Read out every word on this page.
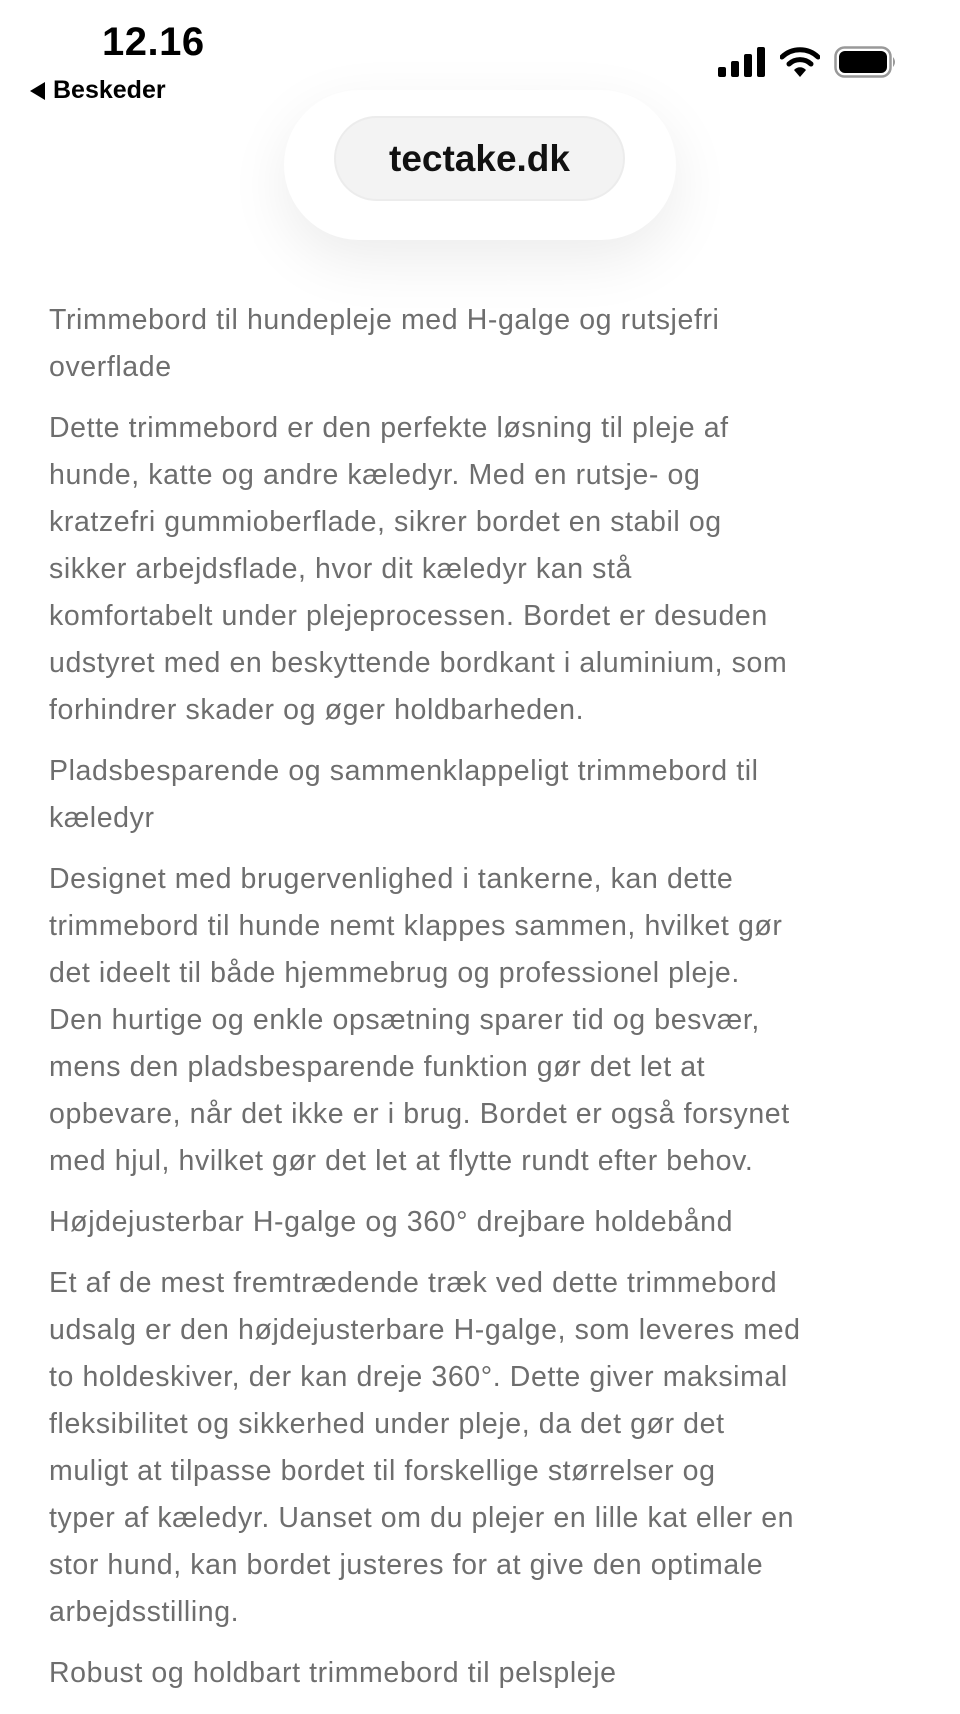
12.16
Beskeder
tectake.dk
Trimmebord til hundepleje med H-galge og rutsjefri
overflade
Dette trimmebord er den perfekte løsning til pleje af
hunde, katte og andre kæledyr. Med en rutsje- og
kratzefri gummioberflade, sikrer bordet en stabil og
sikker arbejdsflade, hvor dit kæledyr kan stå
komfortabelt under plejeprocessen. Bordet er desuden
udstyret med en beskyttende bordkant i aluminium, som
forhindrer skader og øger holdbarheden.
Pladsbesparende og sammenklappeligt trimmebord til
kæledyr
Designet med brugervenlighed i tankerne, kan dette
trimmebord til hunde nemt klappes sammen, hvilket gør
det ideelt til både hjemmebrug og professionel pleje.
Den hurtige og enkle opsætning sparer tid og besvær,
mens den pladsbesparende funktion gør det let at
opbevare, når det ikke er i brug. Bordet er også forsynet
med hjul, hvilket gør det let at flytte rundt efter behov.
Højdejusterbar H-galge og 360° drejbare holdebånd
Et af de mest fremtrædende træk ved dette trimmebord
udsalg er den højdejusterbare H-galge, som leveres med
to holdeskiver, der kan dreje 360°. Dette giver maksimal
fleksibilitet og sikkerhed under pleje, da det gør det
muligt at tilpasse bordet til forskellige størrelser og
typer af kæledyr. Uanset om du plejer en lille kat eller en
stor hund, kan bordet justeres for at give den optimale
arbejdsstilling.
Robust og holdbart trimmebord til pelspleje
